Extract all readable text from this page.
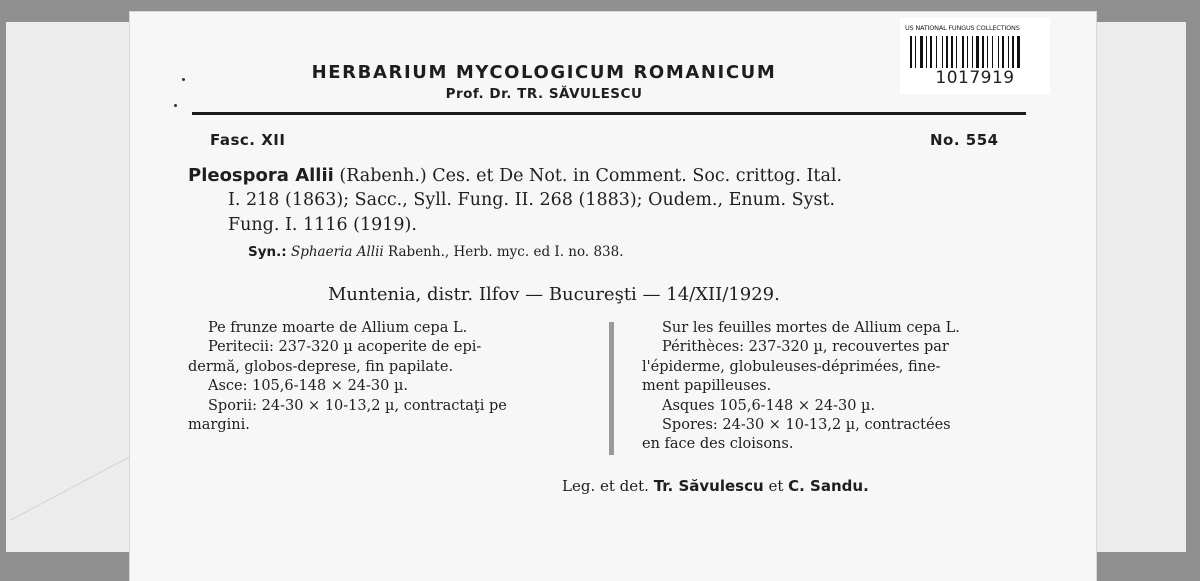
HERBARIUM MYCOLOGICUM ROMANICUM
Prof. Dr. TR. SĂVULESCU
US NATIONAL FUNGUS COLLECTIONS
1017919
Fasc. XII	No. 554
Pleospora Allii (Rabenh.) Ces. et De Not. in Comment. Soc. crittog. Ital.
I. 218 (1863); Sacc., Syll. Fung. II. 268 (1883); Oudem., Enum. Syst.
Fung. I. 1116 (1919).
Syn.: Sphaeria Allii Rabenh., Herb. myc. ed I. no. 838.
Muntenia, distr. Ilfov — Bucureşti — 14/XII/1929.
Pe frunze moarte de Allium cepa L.
Peritecii: 237-320 µ acoperite de epi-
dermă, globos-deprese, fin papilate.
Asce: 105,6-148 × 24-30 µ.
Sporii: 24-30 × 10-13,2 µ, contractaţi pe
margini.
Sur les feuilles mortes de Allium cepa L.
Périthèces: 237-320 µ, recouvertes par
l'épiderme, globuleuses-déprimées, fine-
ment papilleuses.
Asques 105,6-148 × 24-30 µ.
Spores: 24-30 × 10-13,2 µ, contractées
en face des cloisons.
Leg. et det. Tr. Săvulescu et C. Sandu.
